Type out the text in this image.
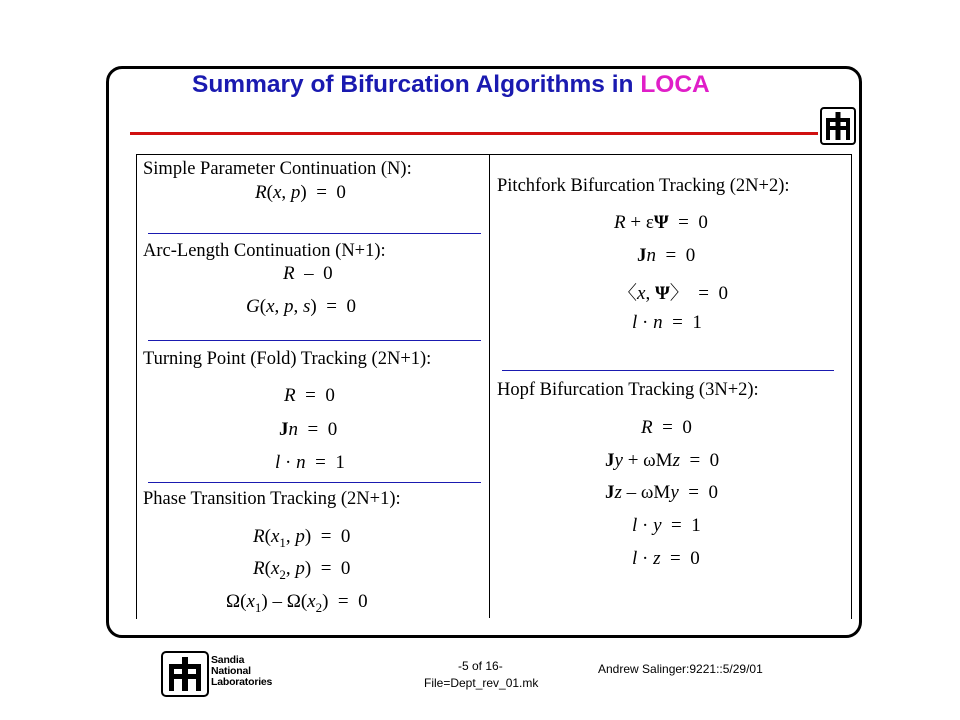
Summary of Bifurcation Algorithms in LOCA
Simple Parameter Continuation (N):
R(x, p)  =  0
Arc-Length Continuation (N+1):
R  –  0
G(x, p, s)  =  0
Turning Point (Fold) Tracking (2N+1):
R  =  0
Jn  =  0
l · n  =  1
Phase Transition Tracking (2N+1):
$R(x_1$, p)  =  0
$R(x_2$, p)  =  0
$\Omega(x_1) - \Omega(x_2) = 0$
Pitchfork Bifurcation Tracking (2N+2):
R + εΨ  =  0
Jn  =  0
〈x, Ψ〉  =  0
l · n  =  1
Hopf Bifurcation Tracking (3N+2):
R  =  0
Jy + ωMz  =  0
Jz – ωMy  =  0
l · y  =  1
l · z  =  0
Sandia
National
Laboratories
-5 of 16-
File=Dept_rev_01.mk
Andrew Salinger:9221::5/29/01
